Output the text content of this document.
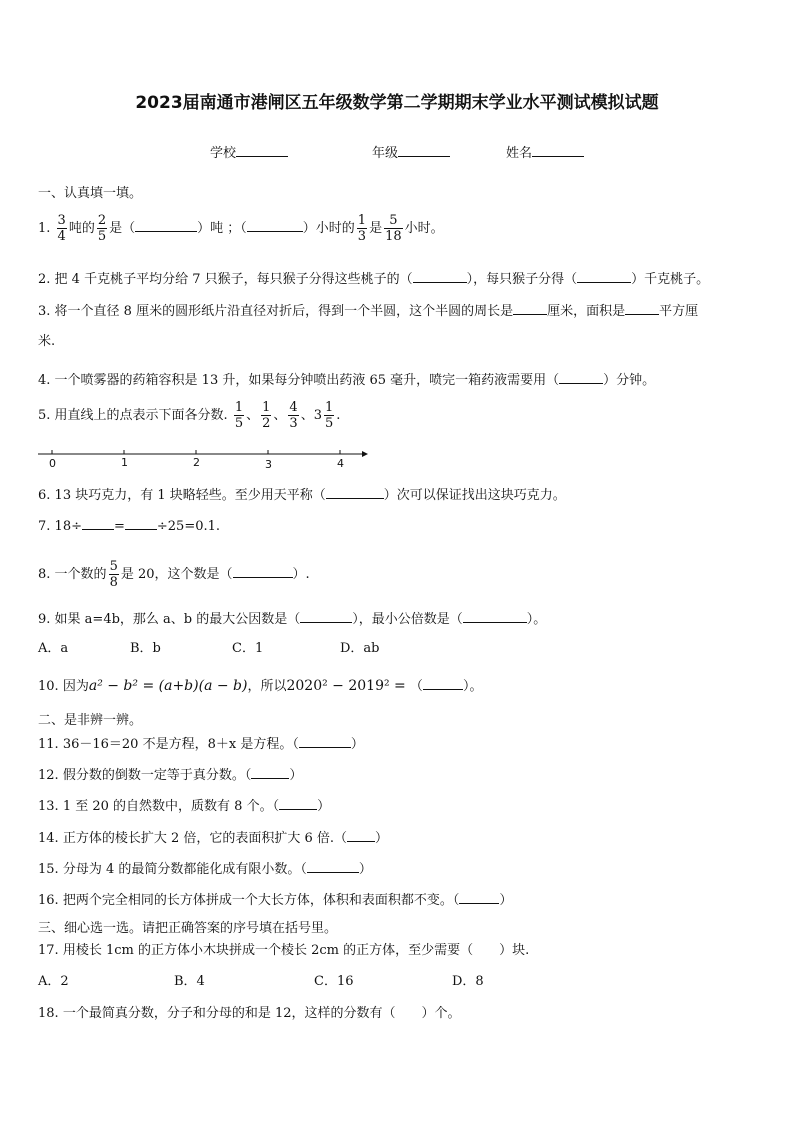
2023届南通市港闸区五年级数学第二学期期末学业水平测试模拟试题
学校	年级	姓名
一、认真填一填。
1. $\frac{3}{4}$ 吨的 $\frac{2}{5}$ 是（	）吨 ；（	）小时的 $\frac{1}{3}$ 是 $\frac{5}{18}$ 小时。
2. 把 4 千克桃子平均分给 7 只猴子，每只猴子分得这些桃子的（	），每只猴子分得（	）千克桃子。
3. 将一个直径 8 厘米的圆形纸片沿直径对折后，得到一个半圆，这个半圆的周长是	厘米，面积是	平方厘
米.
4. 一个喷雾器的药箱容积是 13 升，如果每分钟喷出药液 65 毫升，喷完一箱药液需要用（	）分钟。
5. 用直线上的点表示下面各分数. $\frac{1}{5}$ 、 $\frac{1}{2}$ 、 $\frac{4}{3}$ 、$3 \frac{1}{5}$ .
0	1	2	3	4
6. 13 块巧克力，有 1 块略轻些。至少用天平称（	）次可以保证找出这块巧克力。
7. 18÷ = ÷25=0.1.
8. 一个数的 $\frac{5}{8}$ 是 20，这个数是（	）.
9. 如果 a=4b，那么 a、b 的最大公因数是（	），最小公倍数是（	）。
A．a	B．b	C．1	D．ab
10. 因为a² − b² = (a+b)(a − b)，所以2020² − 2019² = （	）。
二、是非辨一辨。
11. 36－16＝20 不是方程，8＋x 是方程。（	）
12. 假分数的倒数一定等于真分数。（	）
13. 1 至 20 的自然数中，质数有 8 个。（	）
14. 正方体的棱长扩大 2 倍，它的表面积扩大 6 倍.（ ）
15. 分母为 4 的最简分数都能化成有限小数。（	）
16. 把两个完全相同的长方体拼成一个大长方体，体积和表面积都不变。（	）
三、细心选一选。请把正确答案的序号填在括号里。
17. 用棱长 1cm 的正方体小木块拼成一个棱长 2cm 的正方体，至少需要（　　）块.
A．2	B．4	C．16	D．8
18. 一个最简真分数，分子和分母的和是 12，这样的分数有（　　）个。
